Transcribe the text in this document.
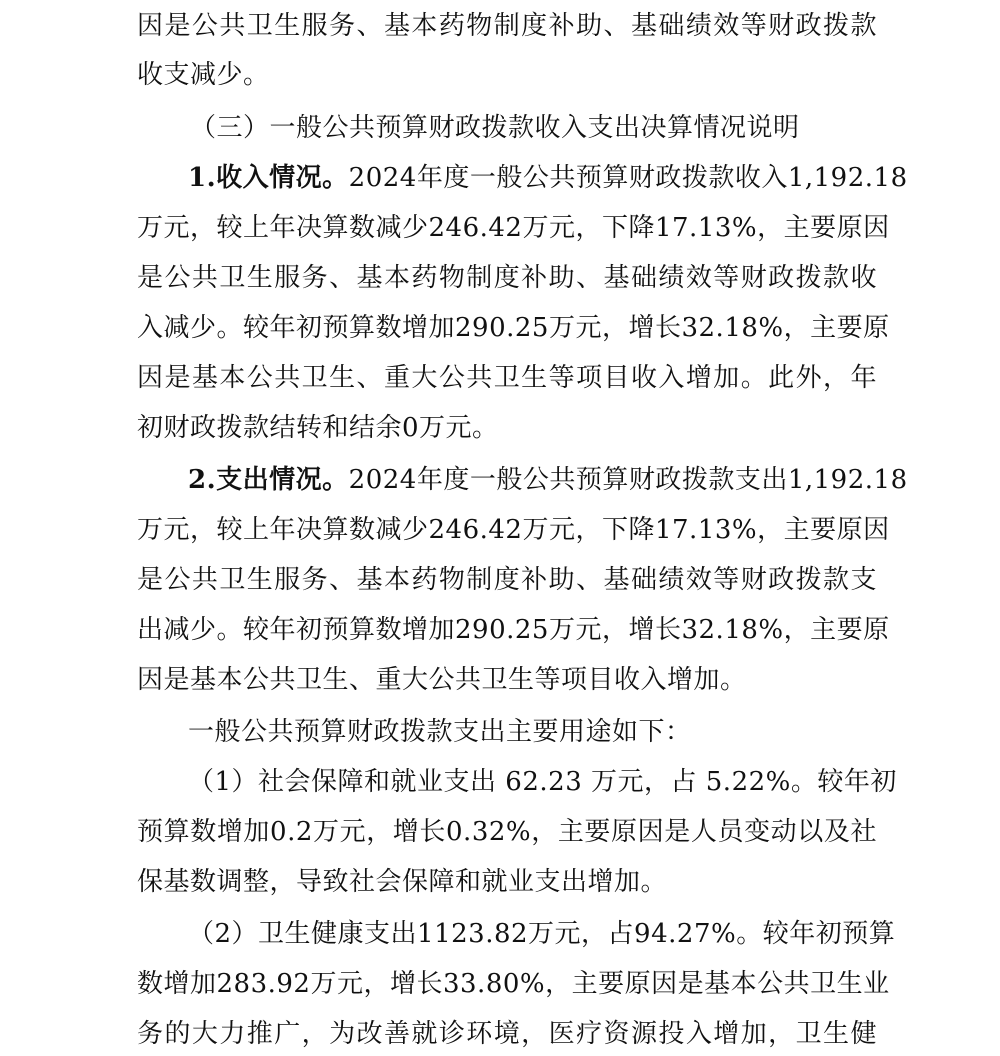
因是公共卫生服务、基本药物制度补助、基础绩效等财政拨款
收支减少。
（三）一般公共预算财政拨款收入支出决算情况说明
1.收入情况。2024年度一般公共预算财政拨款收入1,192.18
万元，较上年决算数减少246.42万元，下降17.13%，主要原因
是公共卫生服务、基本药物制度补助、基础绩效等财政拨款收
入减少。较年初预算数增加290.25万元，增长32.18%，主要原
因是基本公共卫生、重大公共卫生等项目收入增加。此外，年
初财政拨款结转和结余0万元。
2.支出情况。2024年度一般公共预算财政拨款支出1,192.18
万元，较上年决算数减少246.42万元，下降17.13%，主要原因
是公共卫生服务、基本药物制度补助、基础绩效等财政拨款支
出减少。较年初预算数增加290.25万元，增长32.18%，主要原
因是基本公共卫生、重大公共卫生等项目收入增加。
一般公共预算财政拨款支出主要用途如下：
（1）社会保障和就业支出 62.23 万元，占 5.22%。较年初
预算数增加0.2万元，增长0.32%，主要原因是人员变动以及社
保基数调整，导致社会保障和就业支出增加。
（2）卫生健康支出1123.82万元，占94.27%。较年初预算
数增加283.92万元，增长33.80%，主要原因是基本公共卫生业
务的大力推广，为改善就诊环境，医疗资源投入增加，卫生健
